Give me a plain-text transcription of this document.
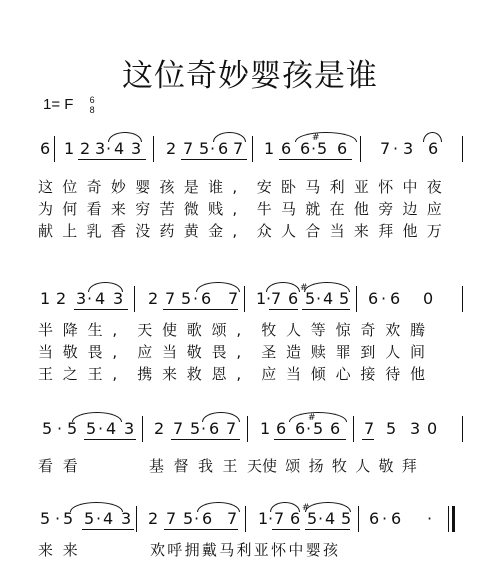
这位奇妙婴孩是谁
1= F 6
8
6 1 2 3 · 4 3 2 7 5 · 6 7 1 6 6 · 5
#
6 7 · 3 6
这 位 奇 妙 婴 孩 是 谁 , 安 卧 马 利 亚 怀 中 夜
为 何 看 来 穷 苦 微 贱 , 牛 马 就 在 他 旁 边 应
献 上 乳 香 没 药 黄 金 , 众 人 合 当 来 拜 他 万
1 2 3 · 4 3 2 7 5 · 6 7 1 · 7 6 5
#
· 4 5 6 · 6 0
半 降 生 , 天 使 歌 颂 , 牧 人 等 惊 奇 欢 腾
当 敬 畏 , 应 当 敬 畏 , 圣 造 赎 罪 到 人 间
王 之 王 , 携 来 救 恩 , 应 当 倾 心 接 待 他
5 · 5 5 · 4 3 2 7 5 · 6 7 1 6 6 · 5
#
6 7 5 3 0
看 看	基 督 我 王 天 使 颂 扬 牧 人 敬 拜
5 · 5 5 · 4 3 2 7 5 · 6 7 1 · 7 6 5
#
· 4 5 6 · 6 ·
来 来	欢 呼 拥 戴 马 利 亚 怀 中 婴 孩
